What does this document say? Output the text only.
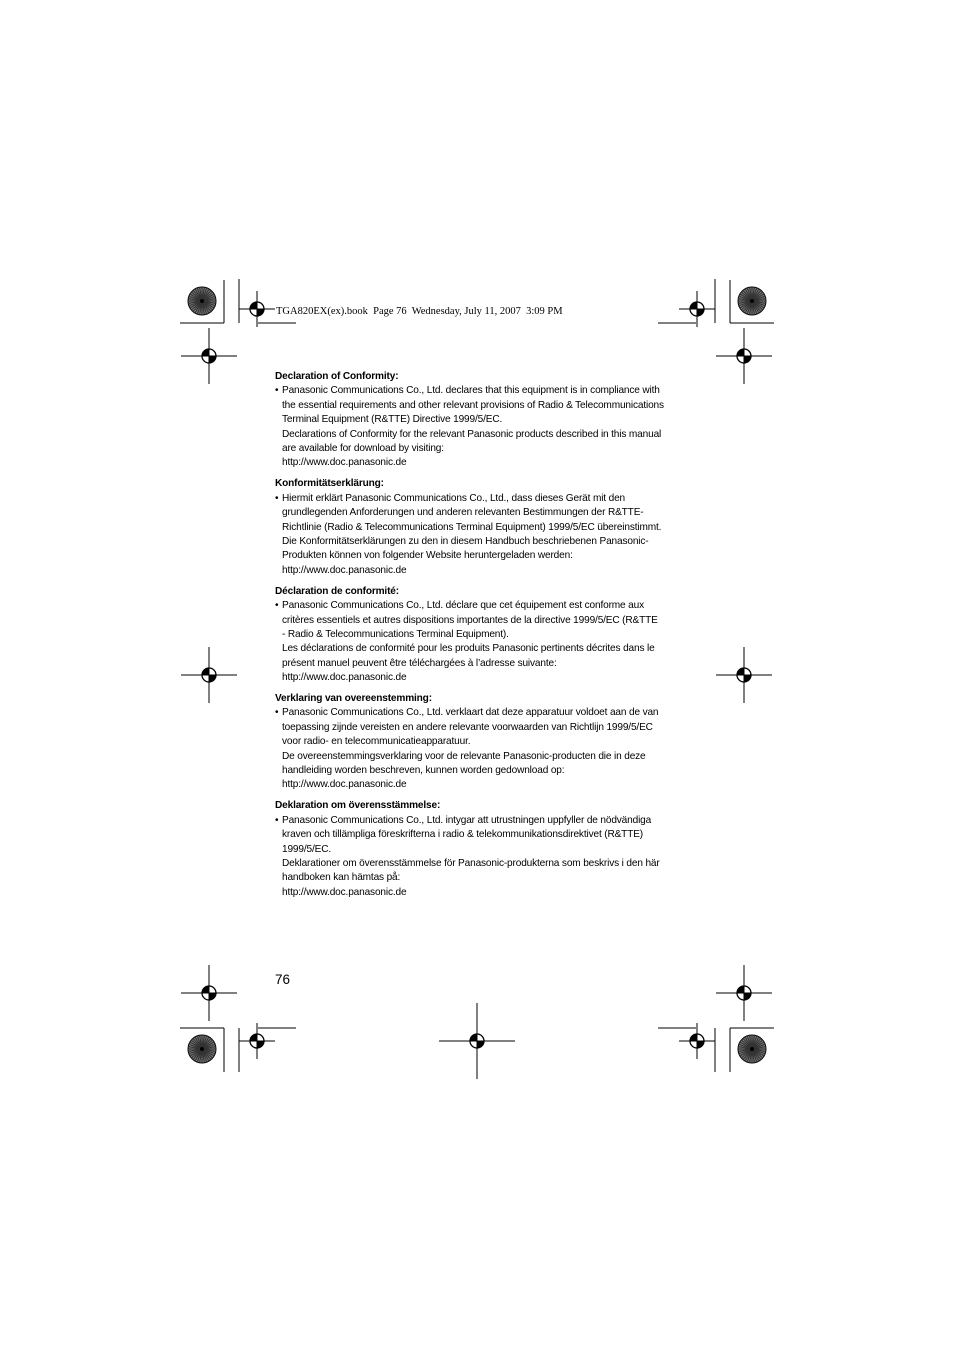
TGA820EX(ex).book  Page 76  Wednesday, July 11, 2007  3:09 PM
Declaration of Conformity:
• Panasonic Communications Co., Ltd. declares that this equipment is in compliance with
the essential requirements and other relevant provisions of Radio & Telecommunications
Terminal Equipment (R&TTE) Directive 1999/5/EC.
Declarations of Conformity for the relevant Panasonic products described in this manual
are available for download by visiting:
http://www.doc.panasonic.de
Konformitätserklärung:
• Hiermit erklärt Panasonic Communications Co., Ltd., dass dieses Gerät mit den
grundlegenden Anforderungen und anderen relevanten Bestimmungen der R&TTE-
Richtlinie (Radio & Telecommunications Terminal Equipment) 1999/5/EC übereinstimmt.
Die Konformitätserklärungen zu den in diesem Handbuch beschriebenen Panasonic-
Produkten können von folgender Website heruntergeladen werden:
http://www.doc.panasonic.de
Déclaration de conformité:
• Panasonic Communications Co., Ltd. déclare que cet équipement est conforme aux
critères essentiels et autres dispositions importantes de la directive 1999/5/EC (R&TTE
- Radio & Telecommunications Terminal Equipment).
Les déclarations de conformité pour les produits Panasonic pertinents décrites dans le
présent manuel peuvent être téléchargées à l’adresse suivante:
http://www.doc.panasonic.de
Verklaring van overeenstemming:
• Panasonic Communications Co., Ltd. verklaart dat deze apparatuur voldoet aan de van
toepassing zijnde vereisten en andere relevante voorwaarden van Richtlijn 1999/5/EC
voor radio- en telecommunicatieapparatuur.
De overeenstemmingsverklaring voor de relevante Panasonic-producten die in deze
handleiding worden beschreven, kunnen worden gedownload op:
http://www.doc.panasonic.de
Deklaration om överensstämmelse:
• Panasonic Communications Co., Ltd. intygar att utrustningen uppfyller de nödvändiga
kraven och tillämpliga föreskrifterna i radio & telekommunikationsdirektivet (R&TTE)
1999/5/EC.
Deklarationer om överensstämmelse för Panasonic-produkterna som beskrivs i den här
handboken kan hämtas på:
http://www.doc.panasonic.de
76
